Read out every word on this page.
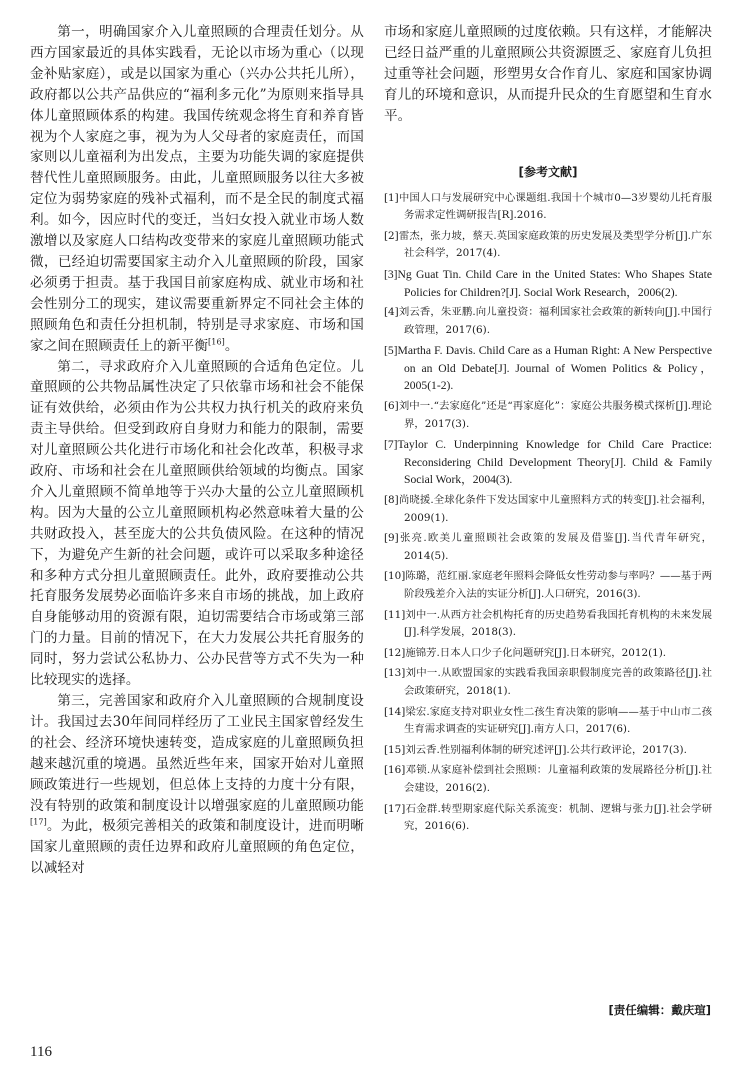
第一，明确国家介入儿童照顾的合理责任划分。从西方国家最近的具体实践看，无论以市场为重心（以现金补贴家庭），或是以国家为重心（兴办公共托儿所），政府都以公共产品供应的“福利多元化”为原则来指导具体儿童照顾体系的构建。我国传统观念将生育和养育皆视为个人家庭之事，视为为人父母者的家庭责任，而国家则以儿童福利为出发点，主要为功能失调的家庭提供替代性儿童照顾服务。由此，儿童照顾服务以往大多被定位为弱势家庭的残补式福利，而不是全民的制度式福利。如今，因应时代的变迁，当妇女投入就业市场人数激增以及家庭人口结构改变带来的家庭儿童照顾功能式微，已经迫切需要国家主动介入儿童照顾的阶段，国家必须勇于担责。基于我国目前家庭构成、就业市场和社会性别分工的现实，建议需要重新界定不同社会主体的照顾角色和责任分担机制，特别是寻求家庭、市场和国家之间在照顾责任上的新平衡[16]。

第二，寻求政府介入儿童照顾的合适角色定位。儿童照顾的公共物品属性决定了只依靠市场和社会不能保证有效供给，必须由作为公共权力执行机关的政府来负责主导供给。但受到政府自身财力和能力的限制，需要对儿童照顾公共化进行市场化和社会化改革，积极寻求政府、市场和社会在儿童照顾供给领域的均衡点。国家介入儿童照顾不简单地等于兴办大量的公立儿童照顾机构。因为大量的公立儿童照顾机构必然意味着大量的公共财政投入，甚至庞大的公共负债风险。在这种的情况下，为避免产生新的社会问题，或许可以采取多种途径和多种方式分担儿童照顾责任。此外，政府要推动公共托育服务发展势必面临许多来自市场的挑战，加上政府自身能够动用的资源有限，迫切需要结合市场或第三部门的力量。目前的情况下，在大力发展公共托育服务的同时，努力尝试公私协力、公办民营等方式不失为一种比较现实的选择。

第三，完善国家和政府介入儿童照顾的合规制度设计。我国过去30年间同样经历了工业民主国家曾经发生的社会、经济环境快速转变，造成家庭的儿童照顾负担越来越沉重的境遇。虽然近些年来，国家开始对儿童照顾政策进行一些规划，但总体上支持的力度十分有限，没有特别的政策和制度设计以增强家庭的儿童照顾功能[17]。为此，极须完善相关的政策和制度设计，进而明晰国家儿童照顾的责任边界和政府儿童照顾的角色定位，以减轻对

市场和家庭儿童照顾的过度依赖。只有这样，才能解决已经日益严重的儿童照顾公共资源匮乏、家庭育儿负担过重等社会问题，形塑男女合作育儿、家庭和国家协调育儿的环境和意识，从而提升民众的生育愿望和生育水平。

[参考文献]
[1]中国人口与发展研究中心课题组.我国十个城市0—3岁婴幼儿托育服务需求定性调研报告[R].2016.
[2]雷杰，张力坡，蔡天.英国家庭政策的历史发展及类型学分析[J].广东社会科学，2017(4).
[3]Ng Guat Tin. Child Care in the United States: Who Shapes State Policies for Children?[J]. Social Work Research，2006(2).
[4]刘云香，朱亚鹏.向儿童投资：福利国家社会政策的新转向[J].中国行政管理，2017(6).
[5]Martha F. Davis. Child Care as a Human Right: A New Perspective on an Old Debate[J]. Journal of Women Politics & Policy，2005(1-2).
[6]刘中一.“去家庭化”还是“再家庭化”：家庭公共服务模式探析[J].理论界，2017(3).
[7]Taylor C. Underpinning Knowledge for Child Care Practice: Reconsidering Child Development Theory[J]. Child & Family Social Work，2004(3).
[8]尚晓援.全球化条件下发达国家中儿童照料方式的转变[J].社会福利，2009(1).
[9]张亮.欧美儿童照顾社会政策的发展及借鉴[J].当代青年研究，2014(5).
[10]陈璐，范红丽.家庭老年照料会降低女性劳动参与率吗？——基于两阶段残差介入法的实证分析[J].人口研究，2016(3).
[11]刘中一.从西方社会机构托育的历史趋势看我国托育机构的未来发展[J].科学发展，2018(3).
[12]施锦芳.日本人口少子化问题研究[J].日本研究，2012(1).
[13]刘中一.从欧盟国家的实践看我国亲职假制度完善的政策路径[J].社会政策研究，2018(1).
[14]梁宏.家庭支持对职业女性二孩生育决策的影响——基于中山市二孩生育需求调查的实证研究[J].南方人口，2017(6).
[15]刘云香.性别福利体制的研究述评[J].公共行政评论，2017(3).
[16]邓锁.从家庭补偿到社会照顾：儿童福利政策的发展路径分析[J].社会建设，2016(2).
[17]石金群.转型期家庭代际关系流变：机制、逻辑与张力[J].社会学研究，2016(6).
[责任编辑：戴庆瑄]
116
